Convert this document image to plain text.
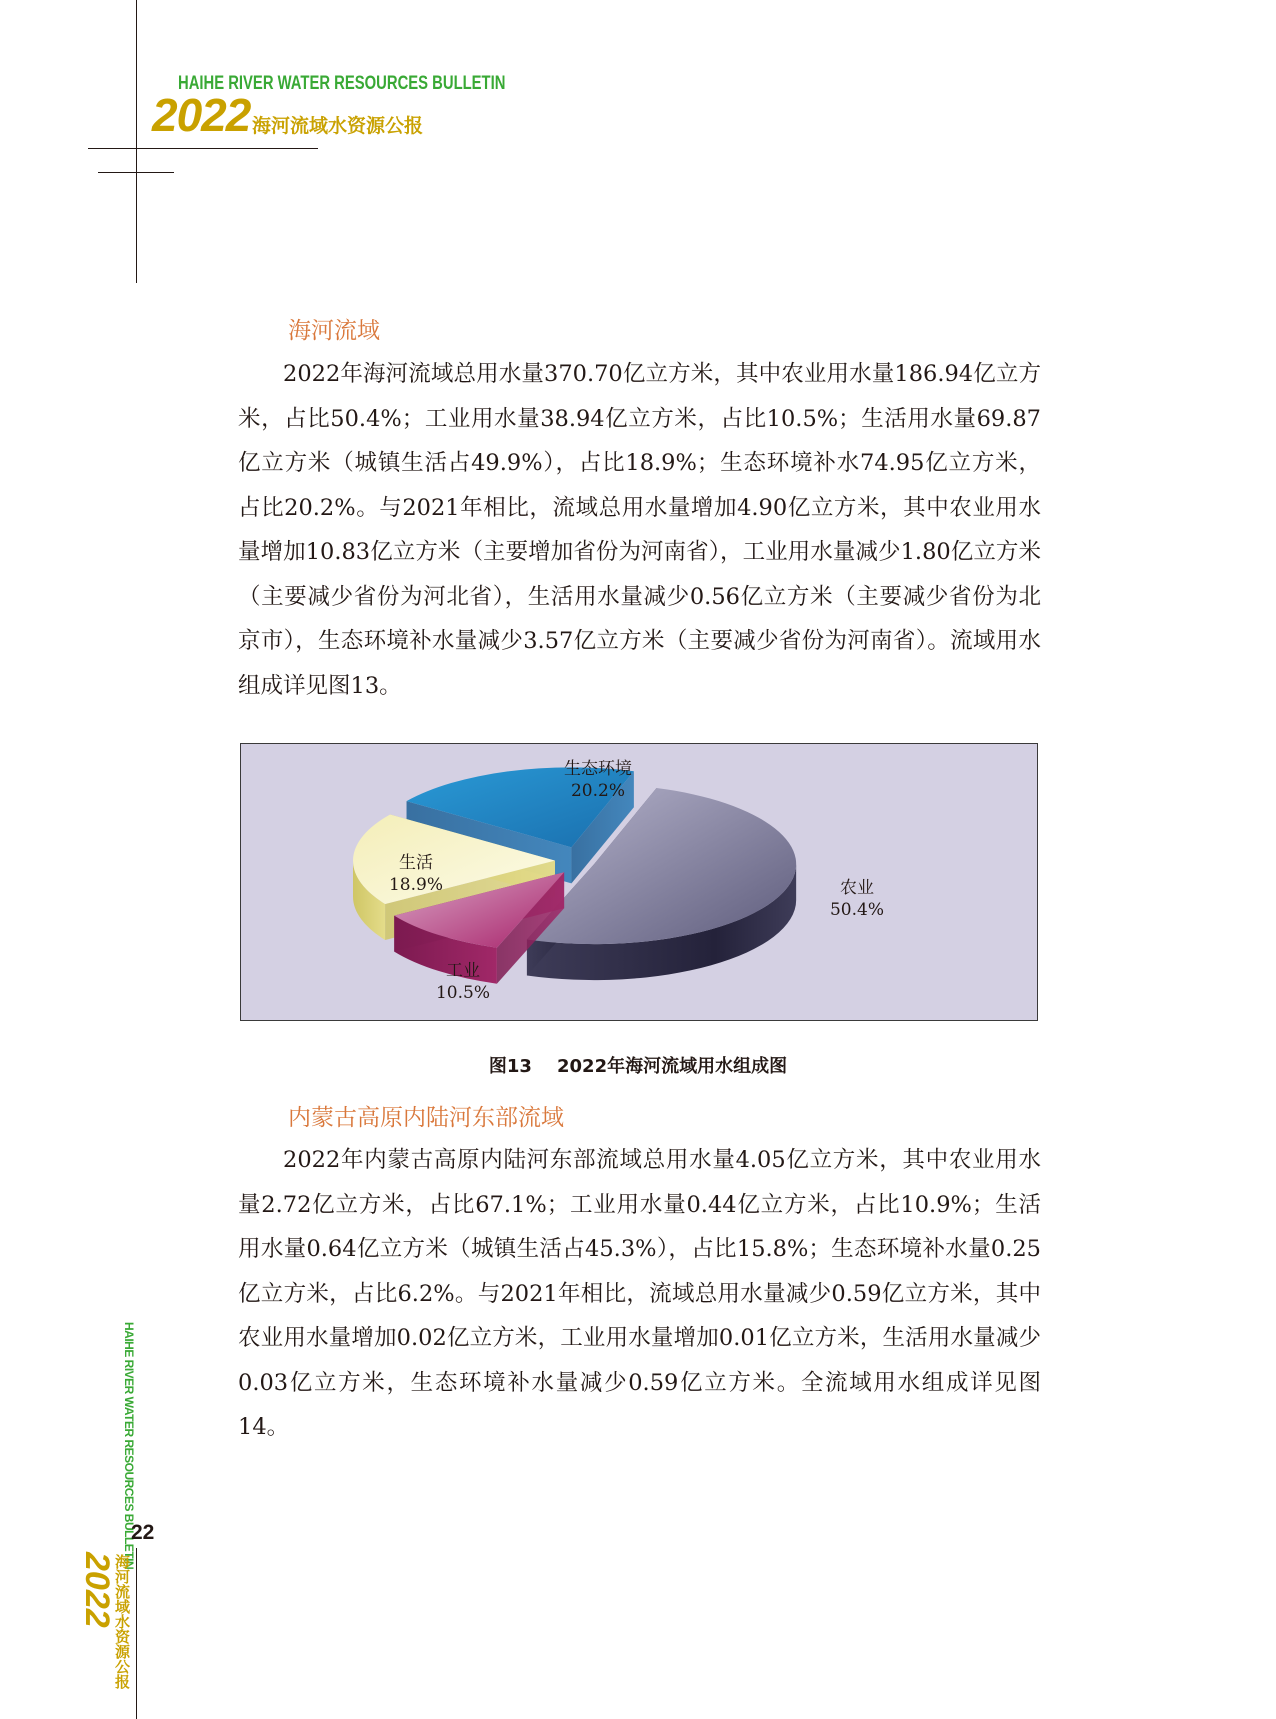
HAIHE RIVER WATER RESOURCES BULLETIN
2022 海河流域水资源公报
海河流域

2022年海河流域总用水量370.70亿立方米，其中农业用水量186.94亿立方米，占比50.4%；工业用水量38.94亿立方米，占比10.5%；生活用水量69.87亿立方米（城镇生活占49.9%），占比18.9%；生态环境补水74.95亿立方米，占比20.2%。与2021年相比，流域总用水量增加4.90亿立方米，其中农业用水量增加10.83亿立方米（主要增加省份为河南省），工业用水量减少1.80亿立方米（主要减少省份为河北省），生活用水量减少0.56亿立方米（主要减少省份为北京市），生态环境补水量减少3.57亿立方米（主要减少省份为河南省）。流域用水组成详见图13。

农业
50.4%
工业
10.5%
生活
18.9%
生态环境
20.2%
图13    2022年海河流域用水组成图
内蒙古高原内陆河东部流域

2022年内蒙古高原内陆河东部流域总用水量4.05亿立方米，其中农业用水量2.72亿立方米，占比67.1%；工业用水量0.44亿立方米，占比10.9%；生活用水量0.64亿立方米（城镇生活占45.3%），占比15.8%；生态环境补水量0.25亿立方米，占比6.2%。与2021年相比，流域总用水量减少0.59亿立方米，其中农业用水量增加0.02亿立方米，工业用水量增加0.01亿立方米，生活用水量减少0.03亿立方米，生态环境补水量减少0.59亿立方米。全流域用水组成详见图14。

HAIHE RIVER WATER RESOURCES BULLETIN
22
2022
海河流域水资源公报
